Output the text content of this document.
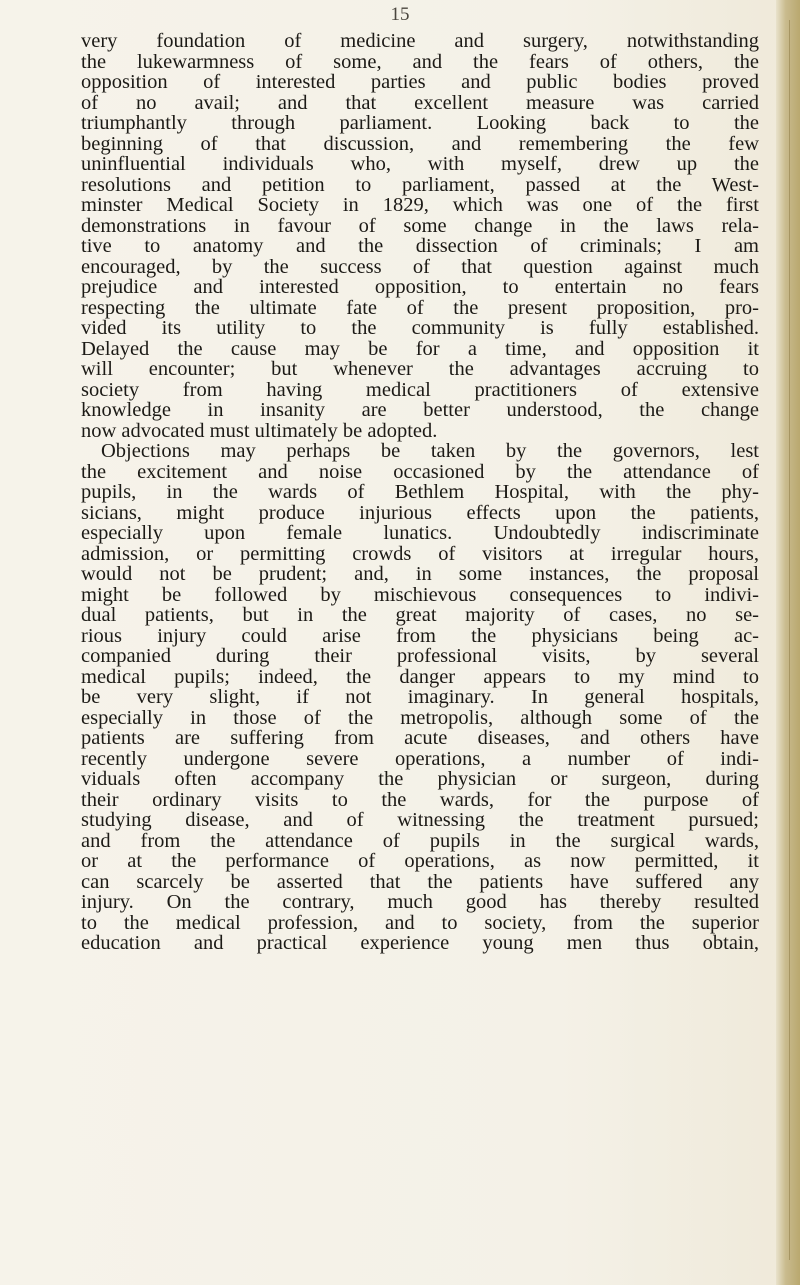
15
very foundation of medicine and surgery, notwithstanding
the lukewarmness of some, and the fears of others, the
opposition of interested parties and public bodies proved
of no avail; and that excellent measure was carried
triumphantly through parliament. Looking back to the
beginning of that discussion, and remembering the few
uninfluential individuals who, with myself, drew up the
resolutions and petition to parliament, passed at the West-
minster Medical Society in 1829, which was one of the first
demonstrations in favour of some change in the laws rela-
tive to anatomy and the dissection of criminals; I am
encouraged, by the success of that question against much
prejudice and interested opposition, to entertain no fears
respecting the ultimate fate of the present proposition, pro-
vided its utility to the community is fully established.
Delayed the cause may be for a time, and opposition it
will encounter; but whenever the advantages accruing to
society from having medical practitioners of extensive
knowledge in insanity are better understood, the change
now advocated must ultimately be adopted.
Objections may perhaps be taken by the governors, lest
the excitement and noise occasioned by the attendance of
pupils, in the wards of Bethlem Hospital, with the phy-
sicians, might produce injurious effects upon the patients,
especially upon female lunatics. Undoubtedly indiscriminate
admission, or permitting crowds of visitors at irregular hours,
would not be prudent; and, in some instances, the proposal
might be followed by mischievous consequences to indivi-
dual patients, but in the great majority of cases, no se-
rious injury could arise from the physicians being ac-
companied during their professional visits, by several
medical pupils; indeed, the danger appears to my mind to
be very slight, if not imaginary. In general hospitals,
especially in those of the metropolis, although some of the
patients are suffering from acute diseases, and others have
recently undergone severe operations, a number of indi-
viduals often accompany the physician or surgeon, during
their ordinary visits to the wards, for the purpose of
studying disease, and of witnessing the treatment pursued;
and from the attendance of pupils in the surgical wards,
or at the performance of operations, as now permitted, it
can scarcely be asserted that the patients have suffered any
injury. On the contrary, much good has thereby resulted
to the medical profession, and to society, from the superior
education and practical experience young men thus obtain,
